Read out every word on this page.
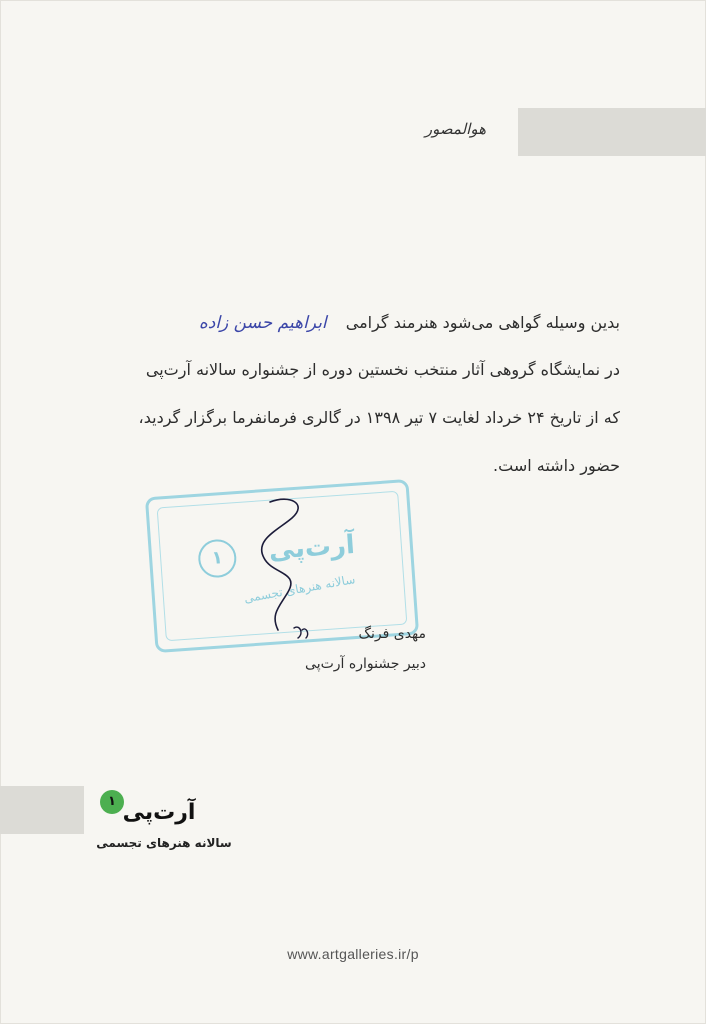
هوالمصور
بدین وسیله گواهی می‌شود هنرمند گرامی ابراهیم حسن زاده
در نمایشگاه گروهی آثار منتخب نخستین دوره از جشنواره سالانه آرت‌پی
که از تاریخ ۲۴ خرداد لغایت ۷ تیر ۱۳۹۸ در گالری فرمانفرما برگزار گردید،
حضور داشته است.
۱	آرت‌پی
سالانه هنرهای تجسمی
مهدی فرنگ
دبیر جشنواره آرت‌پی
۱ آرت‌پی
سالانه هنرهای تجسمی
www.artgalleries.ir/p
